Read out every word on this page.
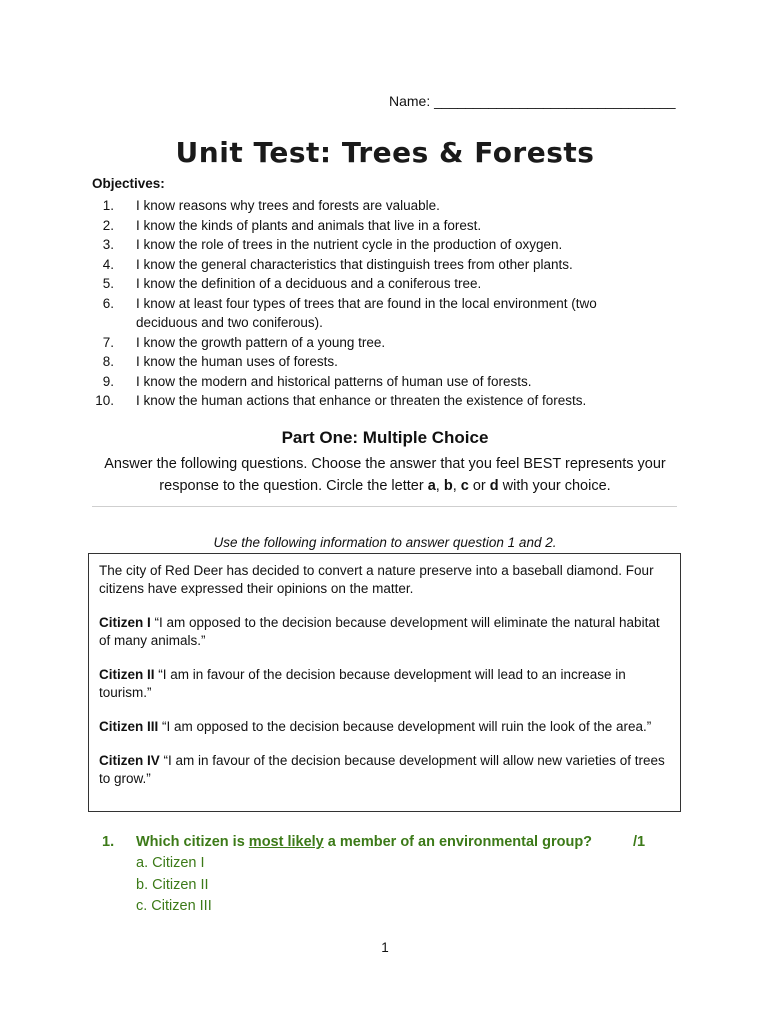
Name: _______________________________
Unit Test: Trees & Forests
Objectives:
1. I know reasons why trees and forests are valuable.
2. I know the kinds of plants and animals that live in a forest.
3. I know the role of trees in the nutrient cycle in the production of oxygen.
4. I know the general characteristics that distinguish trees from other plants.
5. I know the definition of a deciduous and a coniferous tree.
6. I know at least four types of trees that are found in the local environment (two deciduous and two coniferous).
7. I know the growth pattern of a young tree.
8. I know the human uses of forests.
9. I know the modern and historical patterns of human use of forests.
10. I know the human actions that enhance or threaten the existence of forests.
Part One: Multiple Choice

Answer the following questions. Choose the answer that you feel BEST represents your response to the question. Circle the letter a, b, c or d with your choice.

Use the following information to answer question 1 and 2.

The city of Red Deer has decided to convert a nature preserve into a baseball diamond. Four citizens have expressed their opinions on the matter.

Citizen I “I am opposed to the decision because development will eliminate the natural habitat of many animals.”

Citizen II “I am in favour of the decision because development will lead to an increase in tourism.”

Citizen III “I am opposed to the decision because development will ruin the look of the area.”

Citizen IV “I am in favour of the decision because development will allow new varieties of trees to grow.”

1.	Which citizen is most likely a member of an environmental group?	/1
a. Citizen I
b. Citizen II
c. Citizen III
1
